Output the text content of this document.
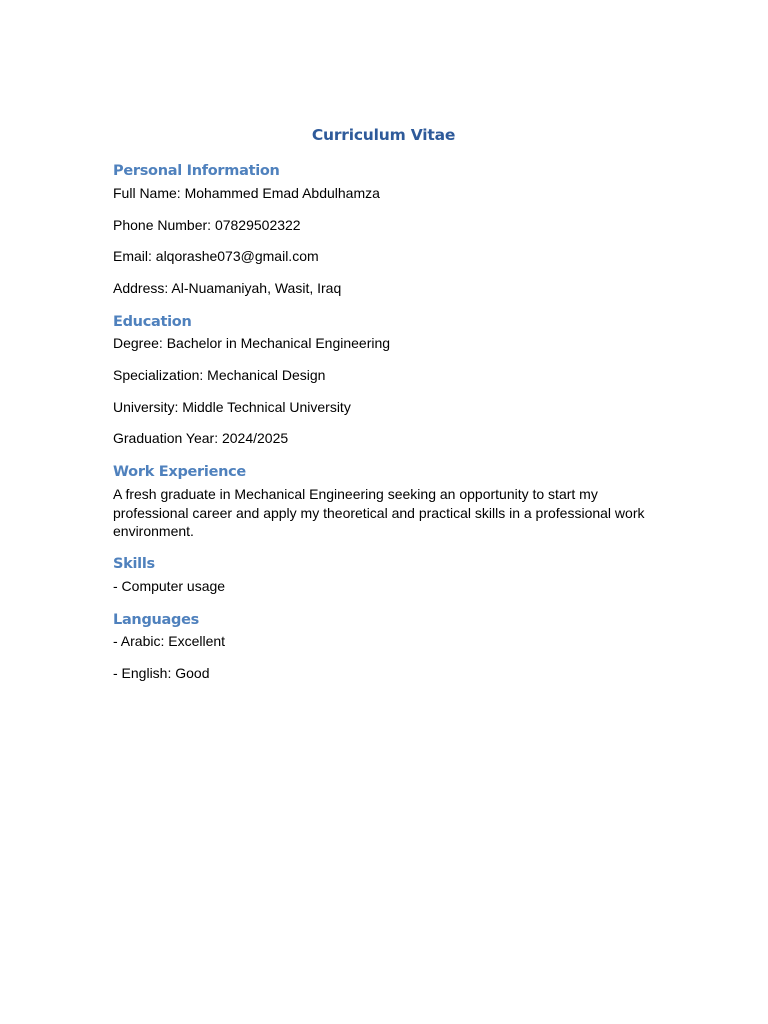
Curriculum Vitae
Personal Information
Full Name: Mohammed Emad Abdulhamza
Phone Number: 07829502322
Email: alqorashe073@gmail.com
Address: Al-Nuamaniyah, Wasit, Iraq
Education
Degree: Bachelor in Mechanical Engineering
Specialization: Mechanical Design
University: Middle Technical University
Graduation Year: 2024/2025
Work Experience
A fresh graduate in Mechanical Engineering seeking an opportunity to start my professional career and apply my theoretical and practical skills in a professional work environment.
Skills
- Computer usage
Languages
- Arabic: Excellent
- English: Good
